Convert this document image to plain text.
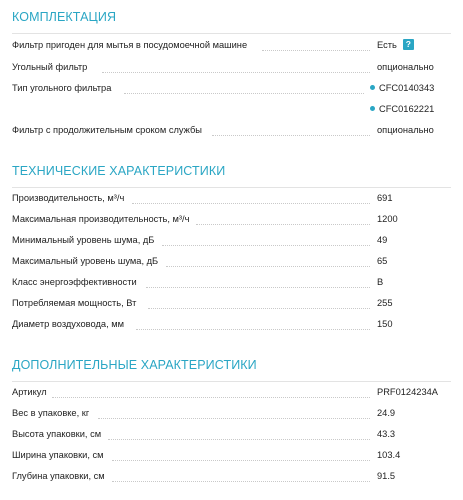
КОМПЛЕКТАЦИЯ
Фильтр пригоден для мытья в посудомоечной машине	Есть ?
Угольный фильтр	опционально
Тип угольного фильтра	CFC0140343
CFC0162221
Фильтр с продолжительным сроком службы	опционально
ТЕХНИЧЕСКИЕ ХАРАКТЕРИСТИКИ
Производительность, м³/ч	691
Максимальная производительность, м³/ч	1200
Минимальный уровень шума, дБ	49
Максимальный уровень шума, дБ	65
Класс энергоэффективности	B
Потребляемая мощность, Вт	255
Диаметр воздуховода, мм	150
ДОПОЛНИТЕЛЬНЫЕ ХАРАКТЕРИСТИКИ
Артикул	PRF0124234A
Вес в упаковке, кг	24.9
Высота упаковки, см	43.3
Ширина упаковки, см	103.4
Глубина упаковки, см	91.5
